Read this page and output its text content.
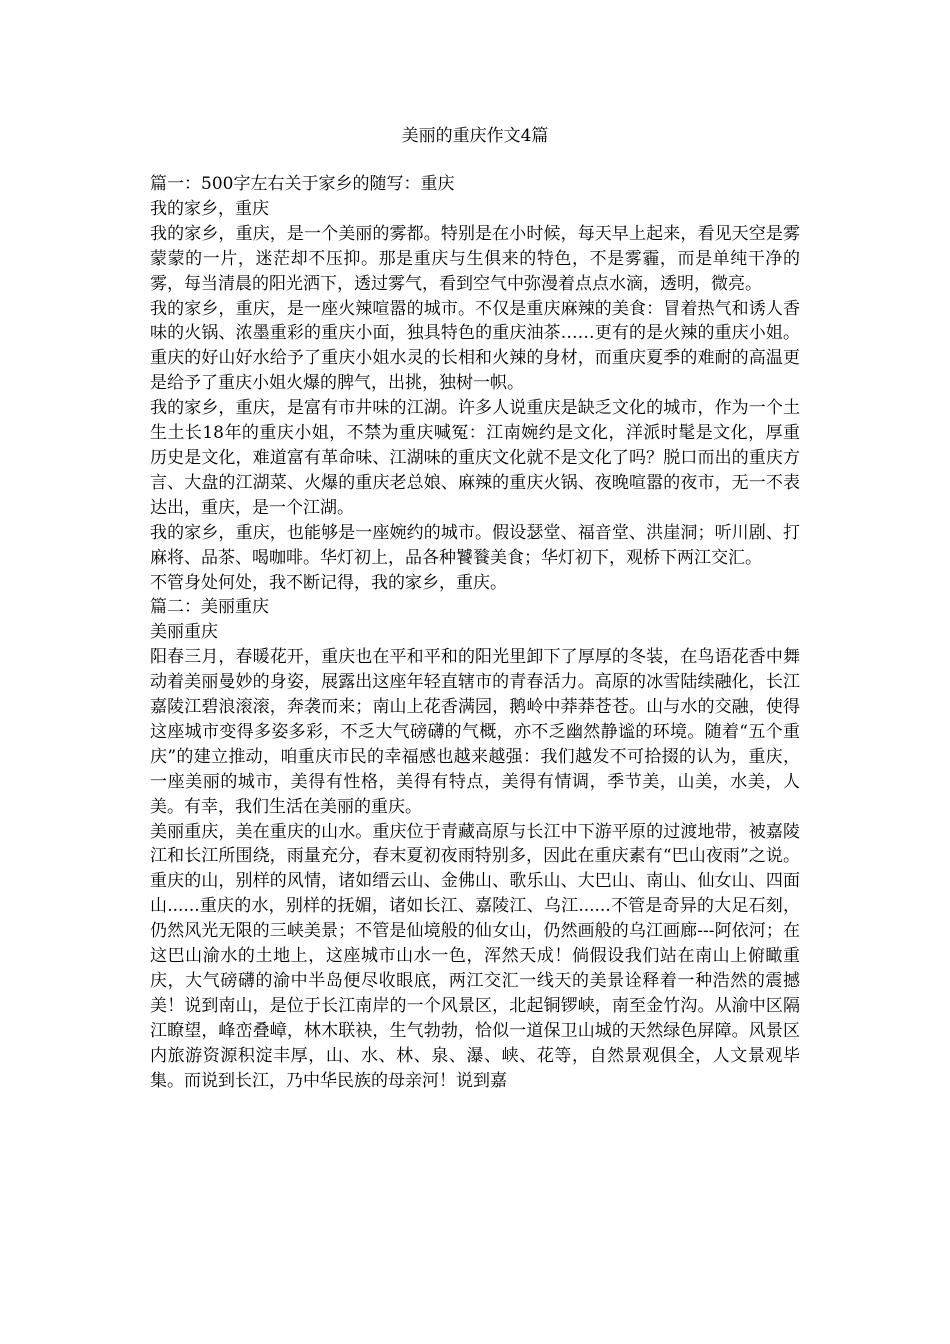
美丽的重庆作文4篇

篇一：500字左右关于家乡的随写：重庆

我的家乡，重庆

我的家乡，重庆，是一个美丽的雾都。特别是在小时候，每天早上起来，看见天空是雾蒙蒙的一片，迷茫却不压抑。那是重庆与生俱来的特色，不是雾霾，而是单纯干净的雾，每当清晨的阳光洒下，透过雾气，看到空气中弥漫着点点水滴，透明，微亮。

我的家乡，重庆，是一座火辣喧嚣的城市。不仅是重庆麻辣的美食：冒着热气和诱人香味的火锅、浓墨重彩的重庆小面，独具特色的重庆油茶……更有的是火辣的重庆小姐。重庆的好山好水给予了重庆小姐水灵的长相和火辣的身材，而重庆夏季的难耐的高温更是给予了重庆小姐火爆的脾气，出挑，独树一帜。

我的家乡，重庆，是富有市井味的江湖。许多人说重庆是缺乏文化的城市，作为一个土生土长18年的重庆小姐，不禁为重庆喊冤：江南婉约是文化，洋派时髦是文化，厚重历史是文化，难道富有革命味、江湖味的重庆文化就不是文化了吗？脱口而出的重庆方言、大盘的江湖菜、火爆的重庆老总娘、麻辣的重庆火锅、夜晚喧嚣的夜市，无一不表达出，重庆，是一个江湖。

我的家乡，重庆，也能够是一座婉约的城市。假设瑟堂、福音堂、洪崖洞；听川剧、打麻将、品茶、喝咖啡。华灯初上，品各种饕餮美食；华灯初下，观桥下两江交汇。

不管身处何处，我不断记得，我的家乡，重庆。

篇二：美丽重庆

美丽重庆

阳春三月，春暖花开，重庆也在平和平和的阳光里卸下了厚厚的冬装，在鸟语花香中舞动着美丽曼妙的身姿，展露出这座年轻直辖市的青春活力。高原的冰雪陆续融化，长江嘉陵江碧浪滚滚，奔袭而来；南山上花香满园，鹅岭中莽莽苍苍。山与水的交融，使得这座城市变得多姿多彩，不乏大气磅礴的气概，亦不乏幽然静谧的环境。随着“五个重庆”的建立推动，咱重庆市民的幸福感也越来越强：我们越发不可拾掇的认为，重庆，一座美丽的城市，美得有性格，美得有特点，美得有情调，季节美，山美，水美，人美。有幸，我们生活在美丽的重庆。

美丽重庆，美在重庆的山水。重庆位于青藏高原与长江中下游平原的过渡地带，被嘉陵江和长江所围绕，雨量充分，春末夏初夜雨特别多，因此在重庆素有“巴山夜雨”之说。重庆的山，别样的风情，诸如缙云山、金佛山、歌乐山、大巴山、南山、仙女山、四面山......重庆的水，别样的抚媚，诸如长江、嘉陵江、乌江......不管是奇异的大足石刻，仍然风光无限的三峡美景；不管是仙境般的仙女山，仍然画般的乌江画廊---阿依河；在这巴山渝水的土地上，这座城市山水一色，浑然天成！倘假设我们站在南山上俯瞰重庆，大气磅礴的渝中半岛便尽收眼底，两江交汇一线天的美景诠释着一种浩然的震撼美！说到南山，是位于长江南岸的一个风景区，北起铜锣峡，南至金竹沟。从渝中区隔江瞭望，峰峦叠嶂，林木联袂，生气勃勃，恰似一道保卫山城的天然绿色屏障。风景区内旅游资源积淀丰厚，山、水、林、泉、瀑、峡、花等，自然景观俱全，人文景观毕集。而说到长江，乃中华民族的母亲河！说到嘉
